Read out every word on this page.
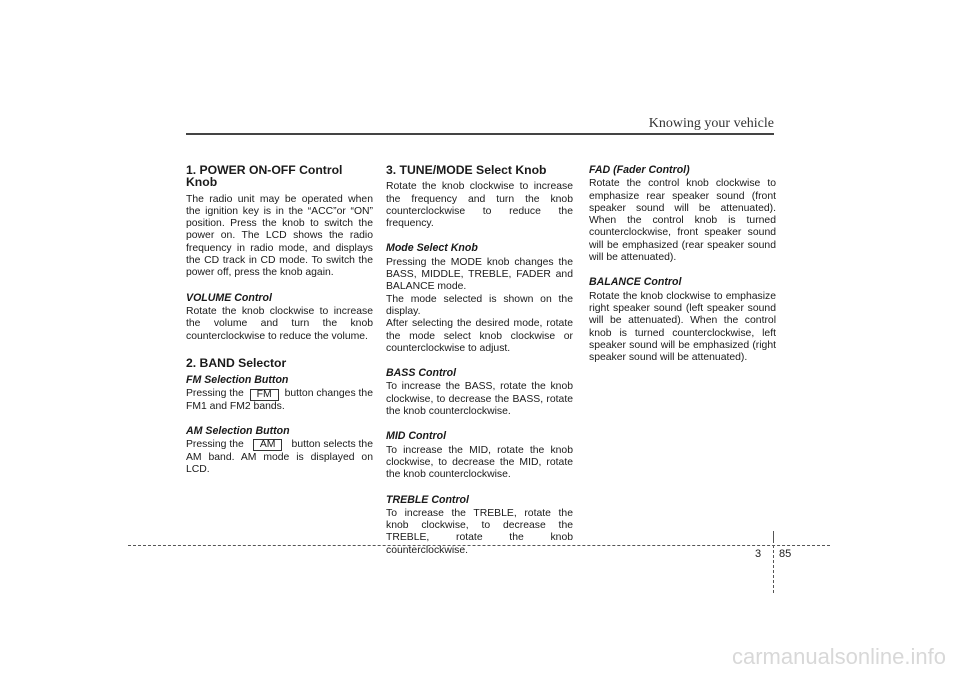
Knowing your vehicle
1. POWER ON-OFF Control Knob

The radio unit may be operated when the ignition key is in the “ACC”or “ON” position. Press the knob to switch the power on. The LCD shows the radio frequency in radio mode, and displays the CD track in CD mode. To switch the power off, press the knob again.

VOLUME Control

Rotate the knob clockwise to increase the volume and turn the knob counterclockwise to reduce the volume.

2. BAND Selector
FM Selection Button
Pressing the	FM	button changes the

FM1 and FM2 bands.

AM Selection Button
Pressing the	AM	button selects the

AM band. AM mode is displayed on LCD.

3. TUNE/MODE Select Knob

Rotate the knob clockwise to increase the frequency and turn the knob counterclockwise to reduce the frequency.

Mode Select Knob

Pressing the MODE knob changes the BASS, MIDDLE, TREBLE, FADER and BALANCE mode.

The mode selected is shown on the display.

After selecting the desired mode, rotate the mode select knob clockwise or counterclockwise to adjust.

BASS Control

To increase the BASS, rotate the knob clockwise, to decrease the BASS, rotate the knob counterclockwise.

MID Control

To increase the MID, rotate the knob clockwise, to decrease the MID, rotate the knob counterclockwise.

TREBLE Control

To increase the TREBLE, rotate the knob clockwise, to decrease the TREBLE, rotate the knob counterclockwise.

FAD (Fader Control)

Rotate the control knob clockwise to emphasize rear speaker sound (front speaker sound will be attenuated). When the control knob is turned counterclockwise, front speaker sound will be emphasized (rear speaker sound will be attenuated).

BALANCE Control

Rotate the knob clockwise to emphasize right speaker sound (left speaker sound will be attenuated). When the control knob is turned counterclockwise, left speaker sound will be emphasized (right speaker sound will be attenuated).

3 85
carmanualsonline.info
